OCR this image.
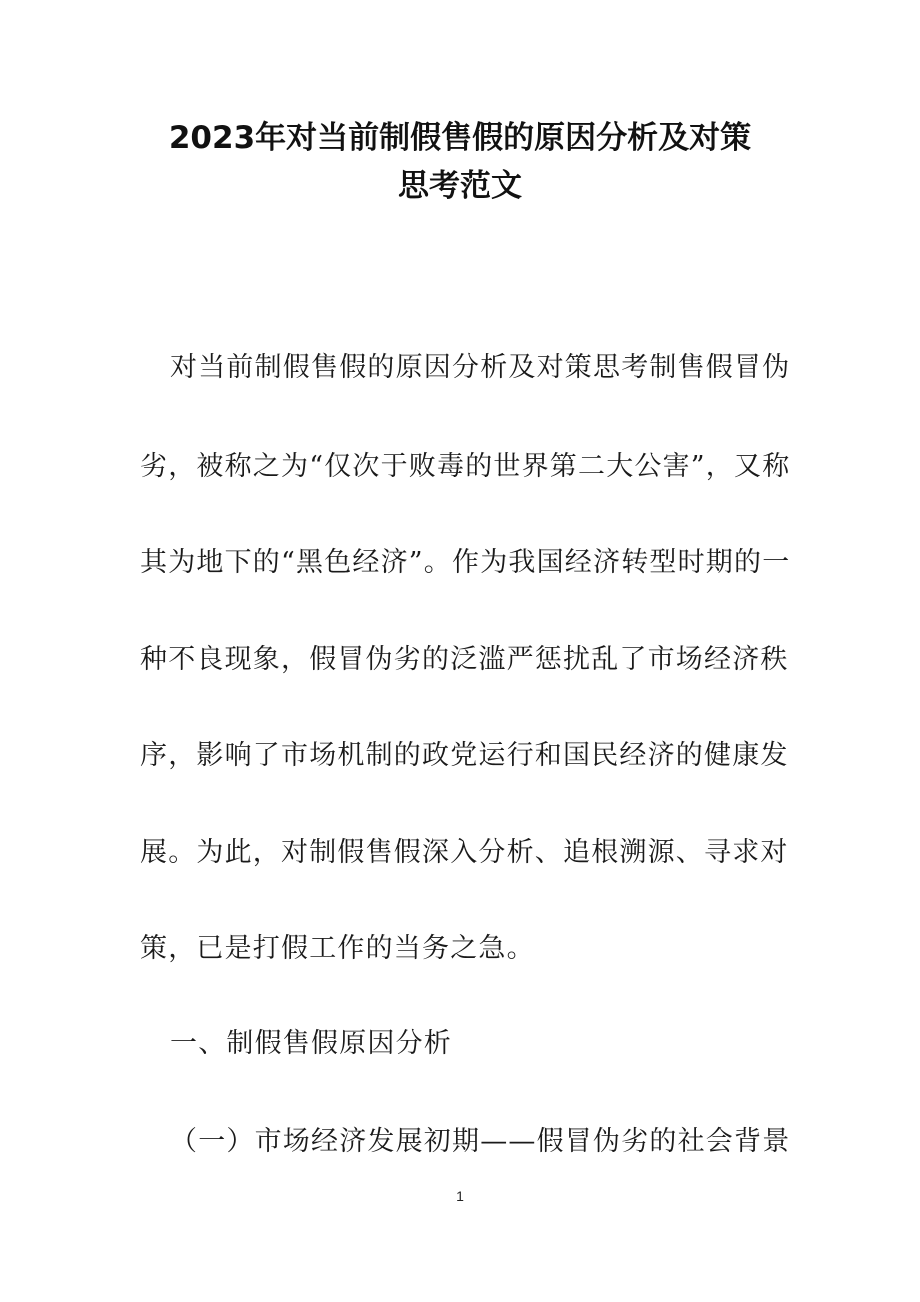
2023年对当前制假售假的原因分析及对策
思考范文

对当前制假售假的原因分析及对策思考制售假冒伪

劣，被称之为“仅次于败毒的世界第二大公害”，又称

其为地下的“黑色经济”。作为我国经济转型时期的一

种不良现象，假冒伪劣的泛滥严惩扰乱了市场经济秩

序，影响了市场机制的政党运行和国民经济的健康发

展。为此，对制假售假深入分析、追根溯源、寻求对

策，已是打假工作的当务之急。

一、制假售假原因分析

（一）市场经济发展初期——假冒伪劣的社会背景

1
